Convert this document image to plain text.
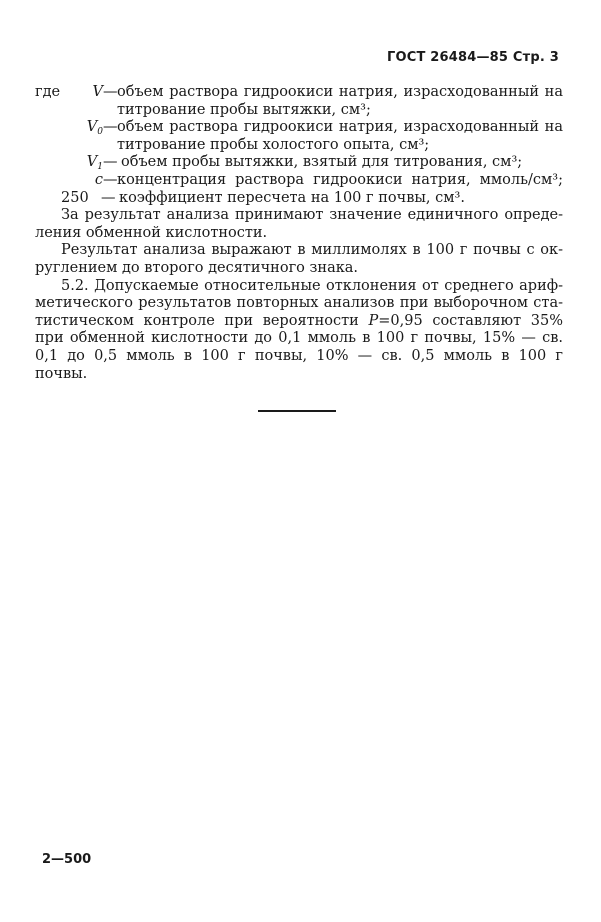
ГОСТ 26484—85 Стр. 3
где	V — объем раствора гидроокиси натрия, израсходованный на
титрование пробы вытяжки, см³;
$V_0$ — объем раствора гидроокиси натрия, израсходованный на
титрование пробы холостого опыта, см³;
$V_1$ — объем пробы вытяжки, взятый для титрования, см³;
c — концентрация раствора гидроокиси натрия, ммоль/см³;
250 — коэффициент пересчета на 100 г почвы, см³.
За результат анализа принимают значение единичного опреде-
ления обменной кислотности.
Результат анализа выражают в миллимолях в 100 г почвы с ок-
руглением до второго десятичного знака.
5.2. Допускаемые относительные отклонения от среднего ариф-
метического результатов повторных анализов при выборочном ста-
тистическом контроле при вероятности P=0,95 составляют 35%
при обменной кислотности до 0,1 ммоль в 100 г почвы, 15% — св.
0,1 до 0,5 ммоль в 100 г почвы, 10% — св. 0,5 ммоль в 100 г
почвы.
2—500
